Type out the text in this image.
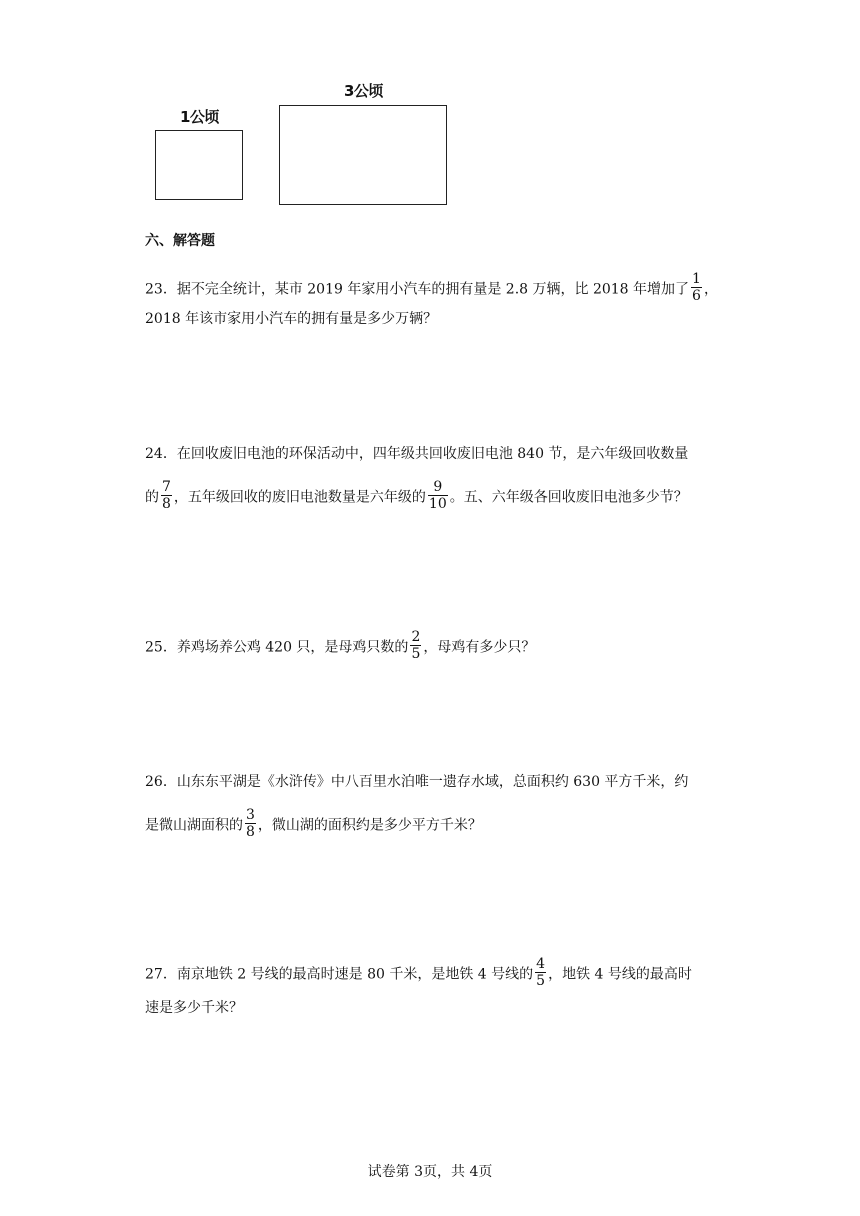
1公顷
3公顷
六、解答题
23．据不完全统计，某市 2019 年家用小汽车的拥有量是 2.8 万辆，比 2018 年增加了 $\frac{1}{6}$ ，
2018 年该市家用小汽车的拥有量是多少万辆？
24．在回收废旧电池的环保活动中，四年级共回收废旧电池 840 节，是六年级回收数量
的 $\frac{7}{8}$ ，五年级回收的废旧电池数量是六年级的 $\frac{9}{10}$ 。五、六年级各回收废旧电池多少节？
25．养鸡场养公鸡 420 只，是母鸡只数的 $\frac{2}{5}$ ，母鸡有多少只？
26．山东东平湖是《水浒传》中八百里水泊唯一遗存水域，总面积约 630 平方千米，约
是微山湖面积的 $\frac{3}{8}$ ，微山湖的面积约是多少平方千米？
27．南京地铁 2 号线的最高时速是 80 千米，是地铁 4 号线的 $\frac{4}{5}$ ，地铁 4 号线的最高时
速是多少千米？
试卷第 3页，共 4页
